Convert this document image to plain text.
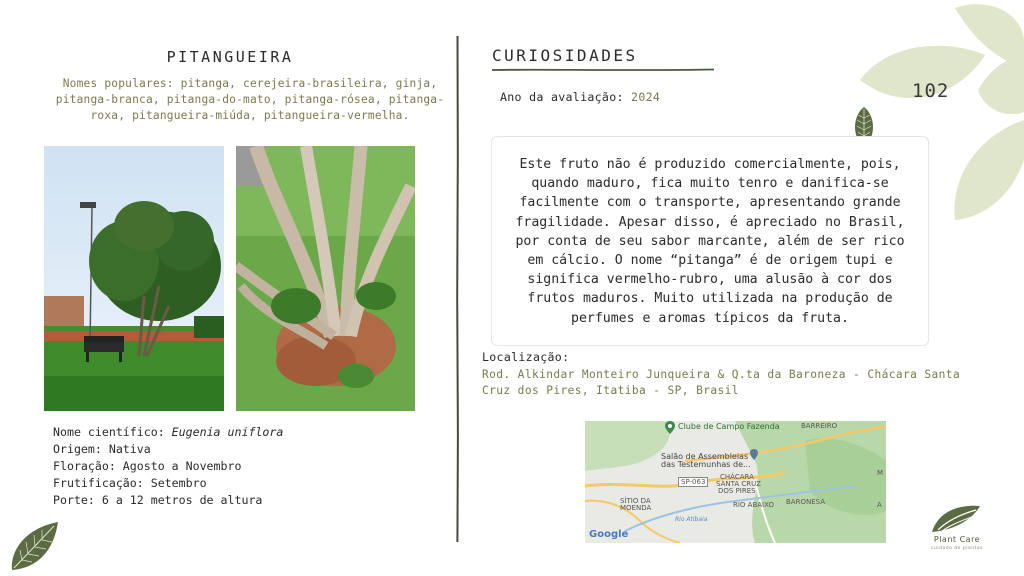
PITANGUEIRA
Nomes populares: pitanga, cerejeira-brasileira, ginja, pitanga-branca, pitanga-do-mato, pitanga-rósea, pitanga-roxa, pitangueira-miúda, pitangueira-vermelha.
Nome científico: Eugenia uniflora
Origem: Nativa
Floração: Agosto a Novembro
Frutificação: Setembro
Porte: 6 a 12 metros de altura
CURIOSIDADES
Ano da avaliação: 2024

Este fruto não é produzido comercialmente, pois, quando maduro, fica muito tenro e danifica-se facilmente com o transporte, apresentando grande fragilidade. Apesar disso, é apreciado no Brasil, por conta de seu sabor marcante, além de ser rico em cálcio. O nome “pitanga” é de origem tupi e significa vermelho-rubro, uma alusão à cor dos frutos maduros. Muito utilizada na produção de perfumes e aromas típicos da fruta.

Localização:
Rod. Alkindar Monteiro Junqueira & Q.ta da Baroneza - Chácara Santa Cruz dos Pires, Itatiba - SP, Brasil
Clube de Campo Fazenda	BARREIRO
Salão de Assembleias
das Testemunhas de...
SP-063
CHÁCARA
SANTA CRUZ
DOS PIRES
SÍTIO DA
MOENDA	RIO ABAIXO BARONESA
M
A
Rio Atibaia
Google
102
Plant Care
cuidado de plantas
